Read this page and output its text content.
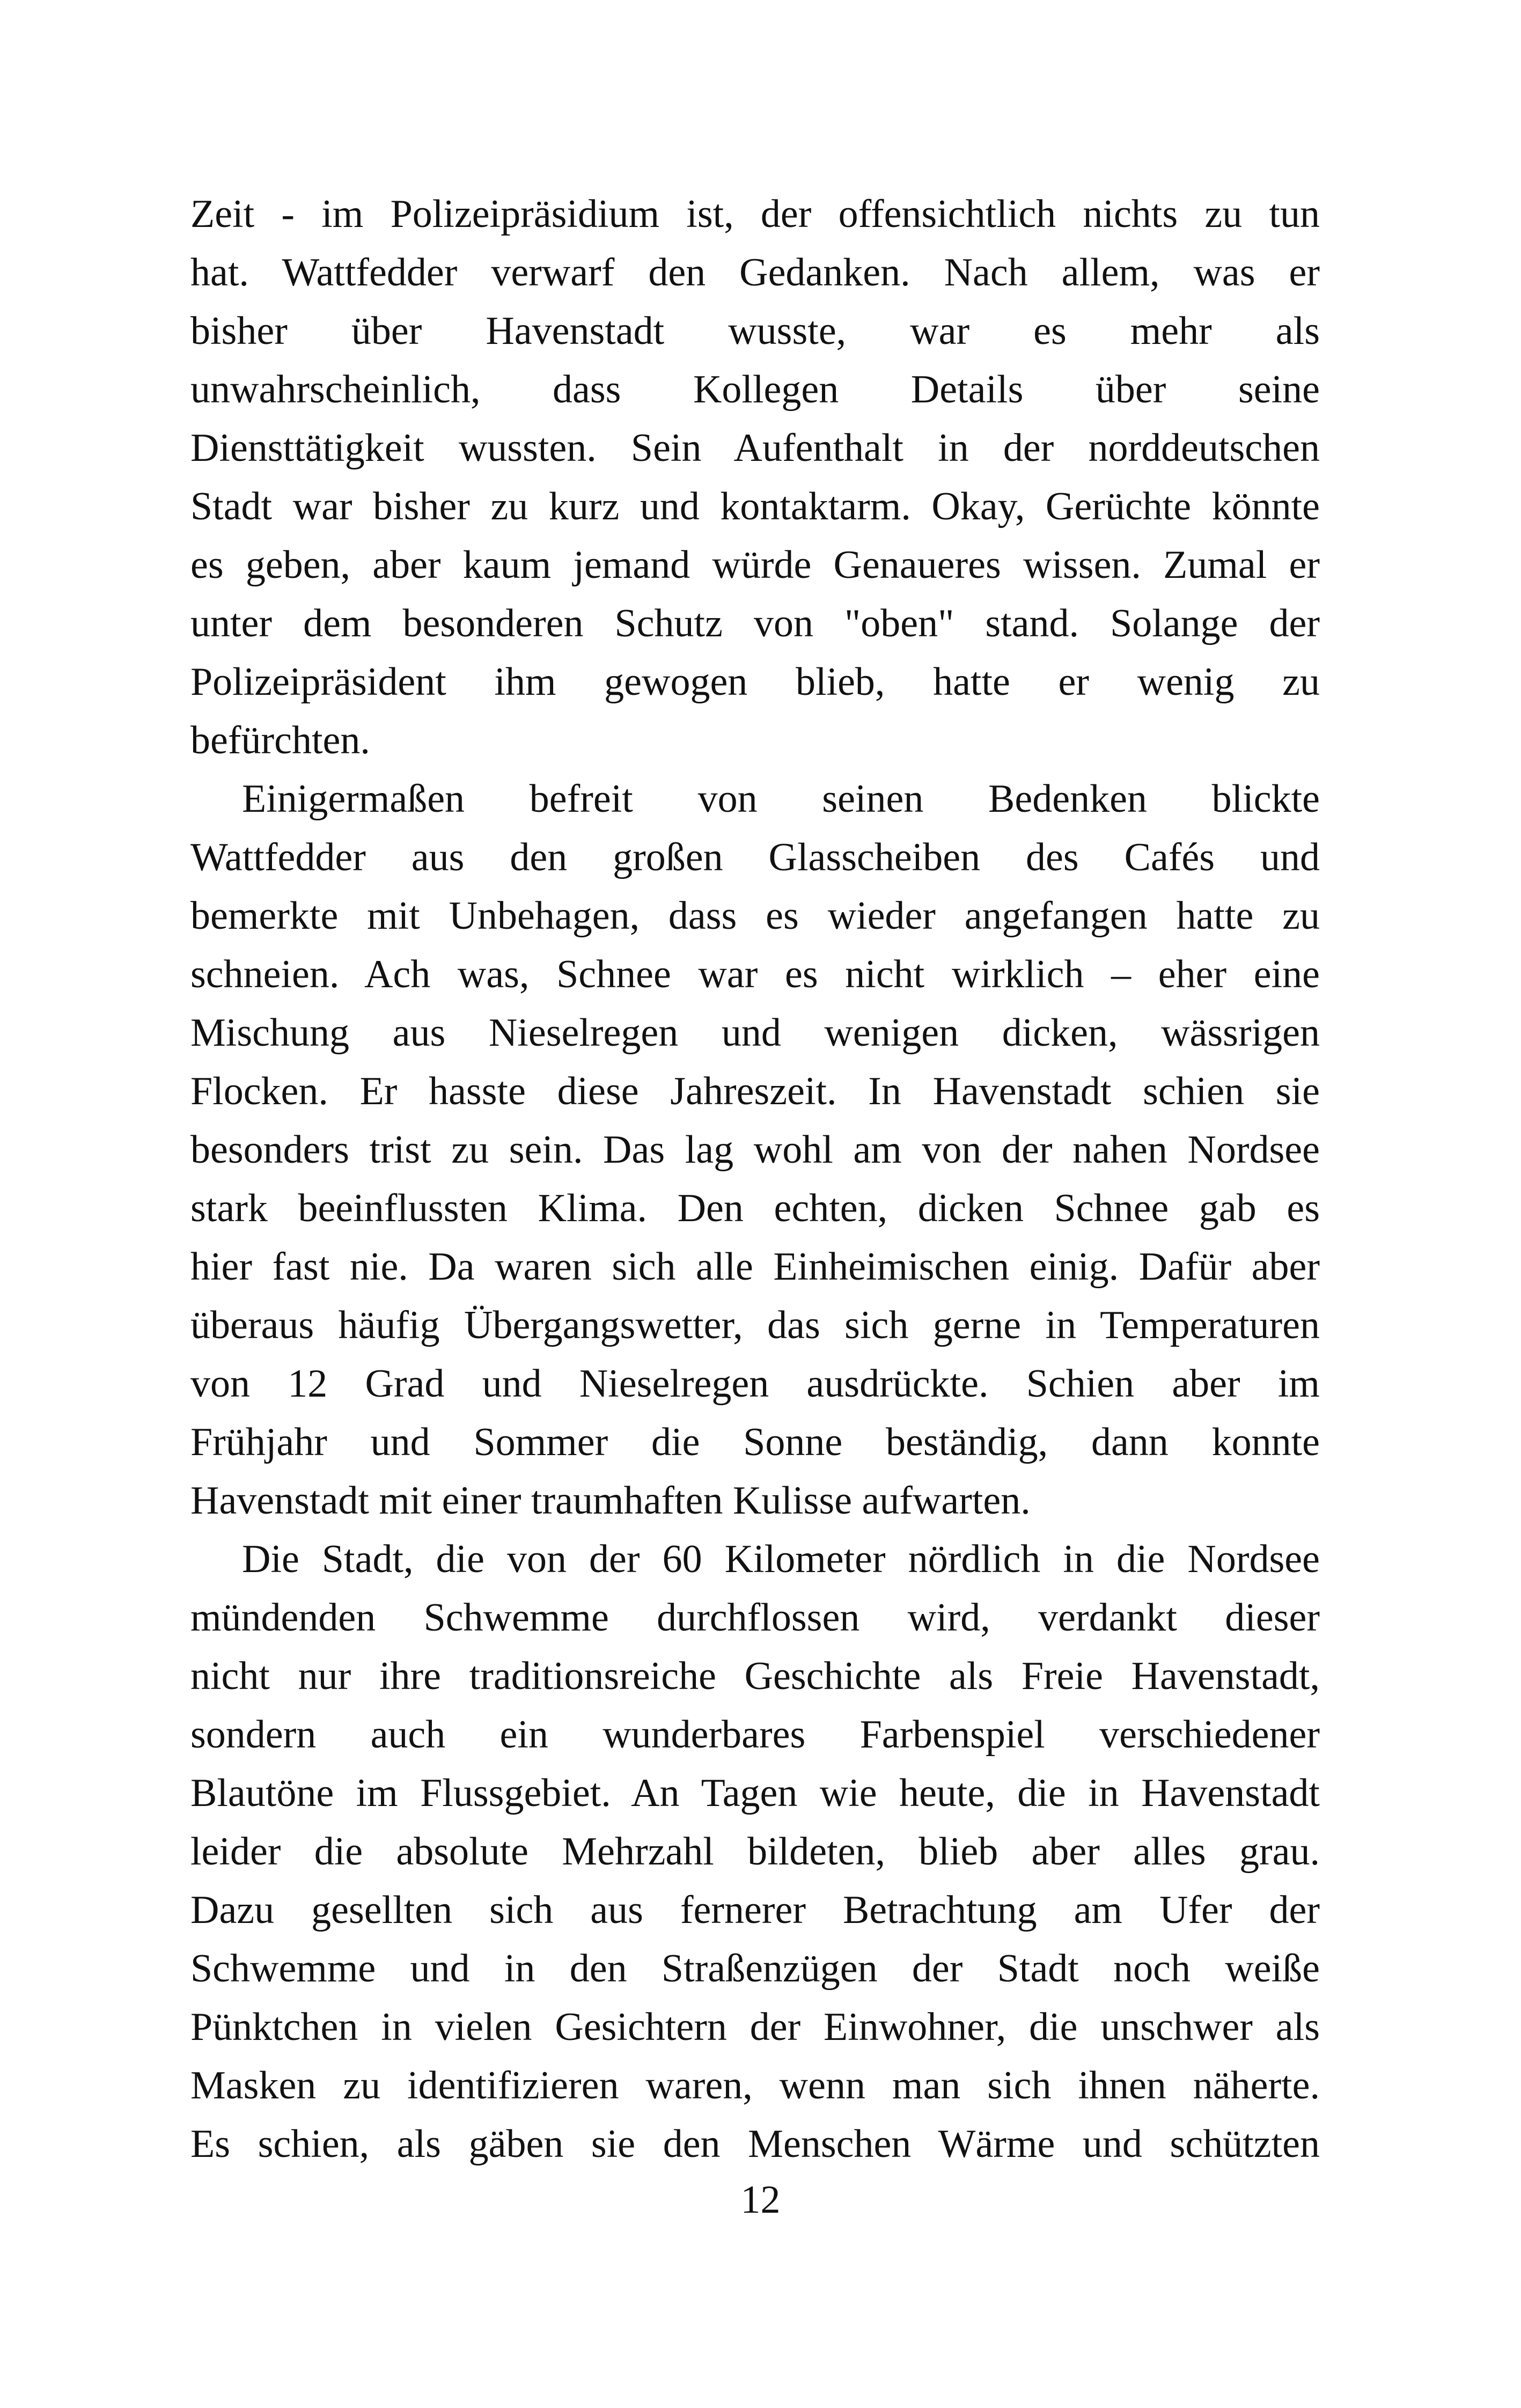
Zeit - im Polizeipräsidium ist, der offensichtlich nichts zu tun
hat. Wattfedder verwarf den Gedanken. Nach allem, was er
bisher über Havenstadt wusste, war es mehr als
unwahrscheinlich, dass Kollegen Details über seine
Diensttätigkeit wussten. Sein Aufenthalt in der norddeutschen
Stadt war bisher zu kurz und kontaktarm. Okay, Gerüchte könnte
es geben, aber kaum jemand würde Genaueres wissen. Zumal er
unter dem besonderen Schutz von "oben" stand. Solange der
Polizeipräsident ihm gewogen blieb, hatte er wenig zu
befürchten.
Einigermaßen befreit von seinen Bedenken blickte
Wattfedder aus den großen Glasscheiben des Cafés und
bemerkte mit Unbehagen, dass es wieder angefangen hatte zu
schneien. Ach was, Schnee war es nicht wirklich – eher eine
Mischung aus Nieselregen und wenigen dicken, wässrigen
Flocken. Er hasste diese Jahreszeit. In Havenstadt schien sie
besonders trist zu sein. Das lag wohl am von der nahen Nordsee
stark beeinflussten Klima. Den echten, dicken Schnee gab es
hier fast nie. Da waren sich alle Einheimischen einig. Dafür aber
überaus häufig Übergangswetter, das sich gerne in Temperaturen
von 12 Grad und Nieselregen ausdrückte. Schien aber im
Frühjahr und Sommer die Sonne beständig, dann konnte
Havenstadt mit einer traumhaften Kulisse aufwarten.
Die Stadt, die von der 60 Kilometer nördlich in die Nordsee
mündenden Schwemme durchflossen wird, verdankt dieser
nicht nur ihre traditionsreiche Geschichte als Freie Havenstadt,
sondern auch ein wunderbares Farbenspiel verschiedener
Blautöne im Flussgebiet. An Tagen wie heute, die in Havenstadt
leider die absolute Mehrzahl bildeten, blieb aber alles grau.
Dazu gesellten sich aus fernerer Betrachtung am Ufer der
Schwemme und in den Straßenzügen der Stadt noch weiße
Pünktchen in vielen Gesichtern der Einwohner, die unschwer als
Masken zu identifizieren waren, wenn man sich ihnen näherte.
Es schien, als gäben sie den Menschen Wärme und schützten
12
